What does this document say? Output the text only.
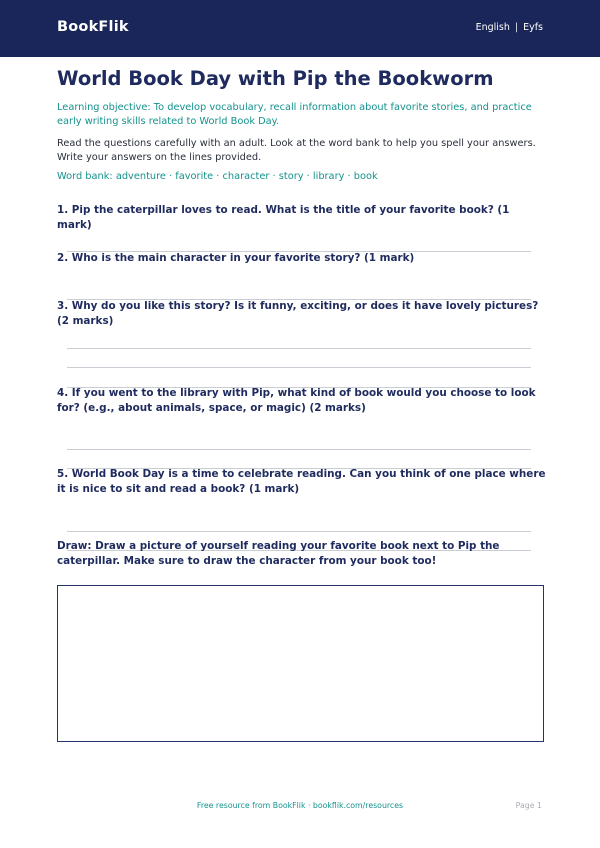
BookFlik	English | Eyfs
World Book Day with Pip the Bookworm
Learning objective: To develop vocabulary, recall information about favorite stories, and practice early writing skills related to World Book Day.
Read the questions carefully with an adult. Look at the word bank to help you spell your answers. Write your answers on the lines provided.
Word bank: adventure · favorite · character · story · library · book
1. Pip the caterpillar loves to read. What is the title of your favorite book? (1 mark)
2. Who is the main character in your favorite story? (1 mark)
3. Why do you like this story? Is it funny, exciting, or does it have lovely pictures? (2 marks)
4. If you went to the library with Pip, what kind of book would you choose to look for? (e.g., about animals, space, or magic) (2 marks)
5. World Book Day is a time to celebrate reading. Can you think of one place where it is nice to sit and read a book? (1 mark)
Draw: Draw a picture of yourself reading your favorite book next to Pip the caterpillar. Make sure to draw the character from your book too!
Free resource from BookFlik · bookflik.com/resources	Page 1
